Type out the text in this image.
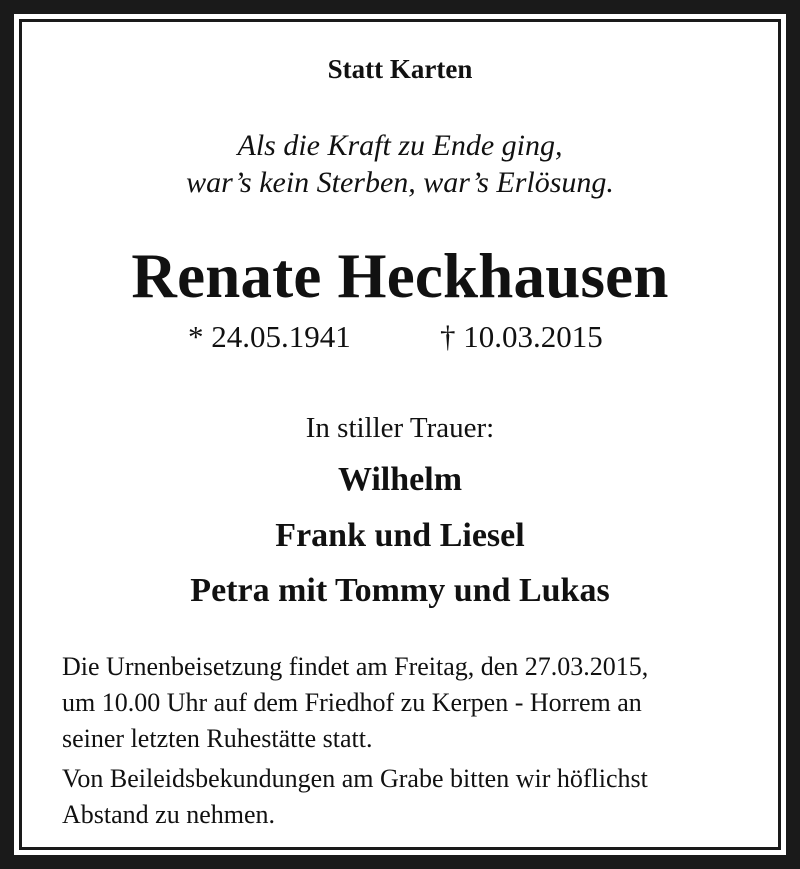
Statt Karten
Als die Kraft zu Ende ging,
war’s kein Sterben, war’s Erlösung.
Renate Heckhausen
* 24.05.1941	† 10.03.2015
In stiller Trauer:
Wilhelm
Frank und Liesel
Petra mit Tommy und Lukas
Die Urnenbeisetzung findet am Freitag, den 27.03.2015,
um 10.00 Uhr auf dem Friedhof zu Kerpen - Horrem an
seiner letzten Ruhestätte statt.
Von Beileidsbekundungen am Grabe bitten wir höflichst
Abstand zu nehmen.
